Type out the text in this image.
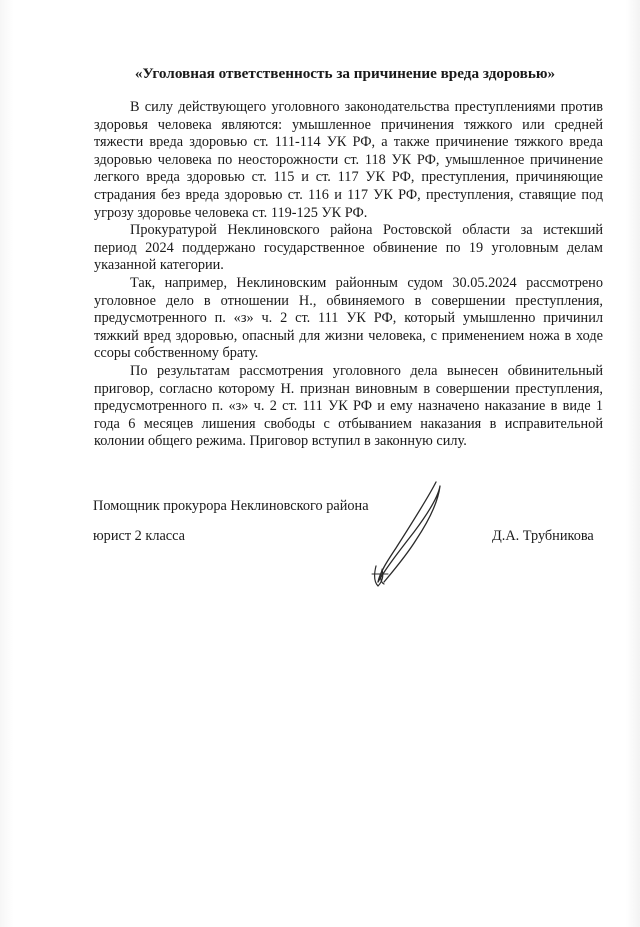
«Уголовная ответственность за причинение вреда здоровью»

В силу действующего уголовного законодательства преступлениями против здоровья человека являются: умышленное причинения тяжкого или средней тяжести вреда здоровью ст. 111-114 УК РФ, а также причинение тяжкого вреда здоровью человека по неосторожности ст. 118 УК РФ, умышленное причинение легкого вреда здоровью ст. 115 и ст. 117 УК РФ, преступления, причиняющие страдания без вреда здоровью ст. 116 и 117 УК РФ, преступления, ставящие под угрозу здоровье человека ст. 119-125 УК РФ.

Прокуратурой Неклиновского района Ростовской области за истекший период 2024 поддержано государственное обвинение по 19 уголовным делам указанной категории.

Так, например, Неклиновским районным судом 30.05.2024 рассмотрено уголовное дело в отношении Н., обвиняемого в совершении преступления, предусмотренного п. «з» ч. 2 ст. 111 УК РФ, который умышленно причинил тяжкий вред здоровью, опасный для жизни человека, с применением ножа в ходе ссоры собственному брату.

По результатам рассмотрения уголовного дела вынесен обвинительный приговор, согласно которому Н. признан виновным в совершении преступления, предусмотренного п. «з» ч. 2 ст. 111 УК РФ и ему назначено наказание в виде 1 года 6 месяцев лишения свободы с отбыванием наказания в исправительной колонии общего режима. Приговор вступил в законную силу.

Помощник прокурора Неклиновского района
юрист 2 класса	Д.А. Трубникова
